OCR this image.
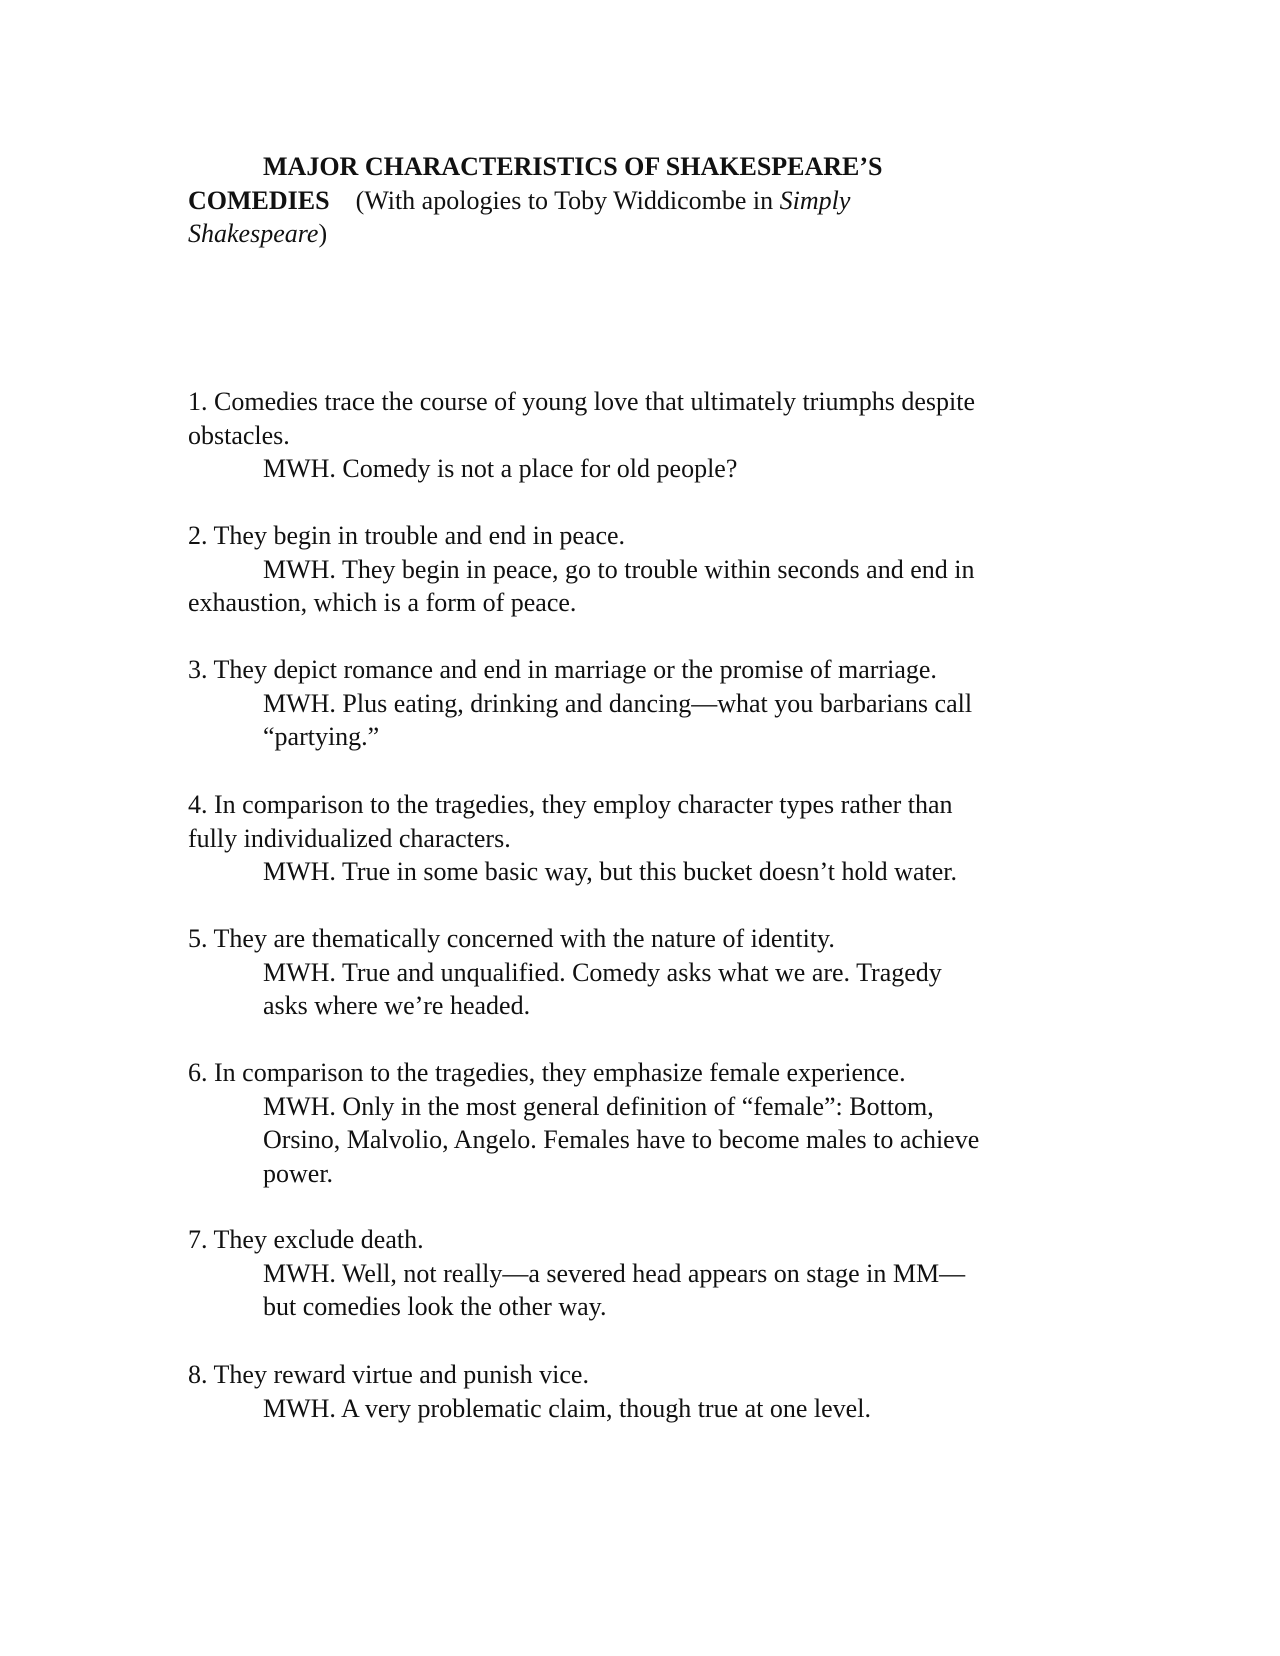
MAJOR CHARACTERISTICS OF SHAKESPEARE’S
COMEDIES (With apologies to Toby Widdicombe in Simply
Shakespeare)
1. Comedies trace the course of young love that ultimately triumphs despite
obstacles.
MWH. Comedy is not a place for old people?
2. They begin in trouble and end in peace.
MWH. They begin in peace, go to trouble within seconds and end in
exhaustion, which is a form of peace.
3. They depict romance and end in marriage or the promise of marriage.
MWH. Plus eating, drinking and dancing—what you barbarians call
“partying.”
4. In comparison to the tragedies, they employ character types rather than
fully individualized characters.
MWH. True in some basic way, but this bucket doesn’t hold water.
5. They are thematically concerned with the nature of identity.
MWH. True and unqualified. Comedy asks what we are. Tragedy
asks where we’re headed.
6. In comparison to the tragedies, they emphasize female experience.
MWH. Only in the most general definition of “female”: Bottom,
Orsino, Malvolio, Angelo. Females have to become males to achieve
power.
7. They exclude death.
MWH. Well, not really—a severed head appears on stage in MM—
but comedies look the other way.
8. They reward virtue and punish vice.
MWH. A very problematic claim, though true at one level.
